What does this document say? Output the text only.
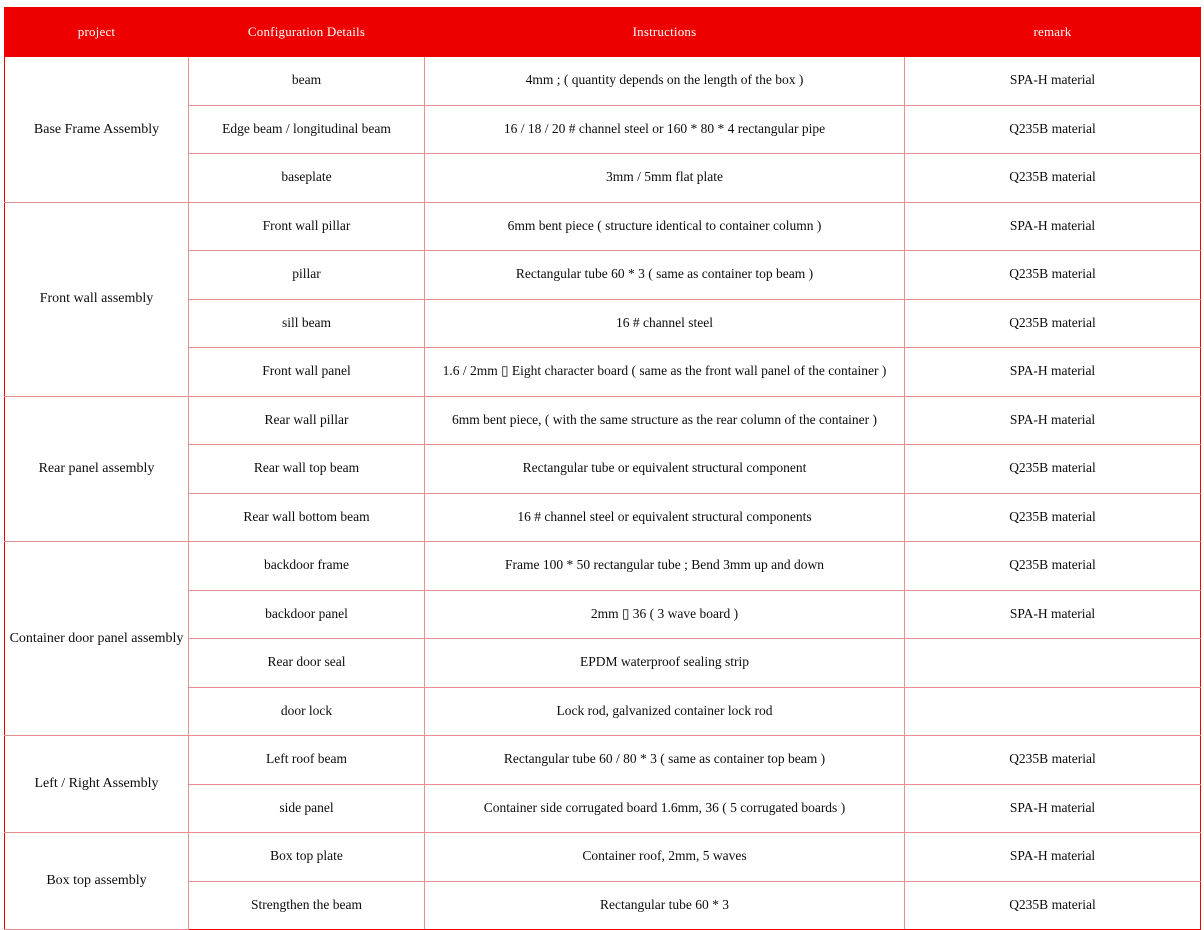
project	Configuration Details	Instructions	remark
Base Frame Assembly	beam	4mm ; ( quantity depends on the length of the box )	SPA-H material
	Edge beam / longitudinal beam	16 / 18 / 20 # channel steel or 160 * 80 * 4 rectangular pipe	Q235B material
	baseplate	3mm / 5mm flat plate	Q235B material
Front wall assembly	Front wall pillar	6mm bent piece ( structure identical to container column )	SPA-H material
	pillar	Rectangular tube 60 * 3 ( same as container top beam )	Q235B material
	sill beam	16 # channel steel	Q235B material
	Front wall panel	1.6 / 2mm ▯ Eight character board ( same as the front wall panel of the container )	SPA-H material
Rear panel assembly	Rear wall pillar	6mm bent piece, ( with the same structure as the rear column of the container )	SPA-H material
	Rear wall top beam	Rectangular tube or equivalent structural component	Q235B material
	Rear wall bottom beam	16 # channel steel or equivalent structural components	Q235B material
Container door panel assembly	backdoor frame	Frame 100 * 50 rectangular tube ; Bend 3mm up and down	Q235B material
	backdoor panel	2mm ▯ 36 ( 3 wave board )	SPA-H material
	Rear door seal	EPDM waterproof sealing strip	
	door lock	Lock rod, galvanized container lock rod	
Left / Right Assembly	Left roof beam	Rectangular tube 60 / 80 * 3 ( same as container top beam )	Q235B material
	side panel	Container side corrugated board 1.6mm, 36 ( 5 corrugated boards )	SPA-H material
Box top assembly	Box top plate	Container roof, 2mm, 5 waves	SPA-H material
	Strengthen the beam	Rectangular tube 60 * 3	Q235B material
